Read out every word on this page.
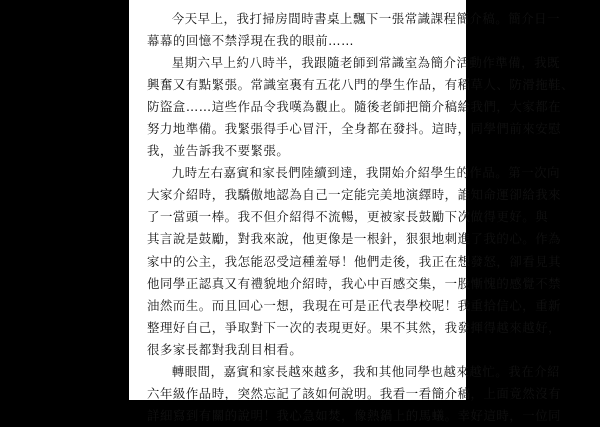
今天早上，我打掃房間時書桌上飄下一張常識課程簡介稿。簡介日一
幕幕的回憶不禁浮現在我的眼前……

星期六早上約八時半，我跟隨老師到常識室為簡介活動作準備，我既
興奮又有點緊張。常識室裏有五花八門的學生作品，有稻草人、防滑拖鞋、
防盜盒……這些作品令我嘆為觀止。隨後老師把簡介稿給我們，大家都在
努力地準備。我緊張得手心冒汗，全身都在發抖。這時，同學們前來安慰
我，並告訴我不要緊張。

九時左右嘉賓和家長們陸續到達，我開始介紹學生的作品。第一次向
大家介紹時，我驕傲地認為自己一定能完美地演繹時，誰知命運卻給我來
了一當頭一棒。我不但介紹得不流暢，更被家長鼓勵下次做得更好。與
其言說是鼓勵，對我來說，他更像是一根針，狠狠地刺進了我的心。作為
家中的公主，我怎能忍受這種羞辱！他們走後，我正在想發怒，卻看見其
他同學正認真又有禮貌地介紹時，我心中百感交集，一股慚愧的感覺不禁
油然而生。而且回心一想，我現在可是正代表學校呢！我重拾信心，重新
整理好自己，爭取對下一次的表現更好。果不其然，我發揮得越來越好，
很多家長都對我刮目相看。

轉眼間，嘉賓和家長越來越多，我和其他同學也越來越忙。我在介紹
六年級作品時，突然忘記了該如何說明。我看一看簡介稿，上面竟然沒有
詳細寫到有關的說明！我心急如焚，像熱鍋上的馬蟻。幸好這時，一位同
